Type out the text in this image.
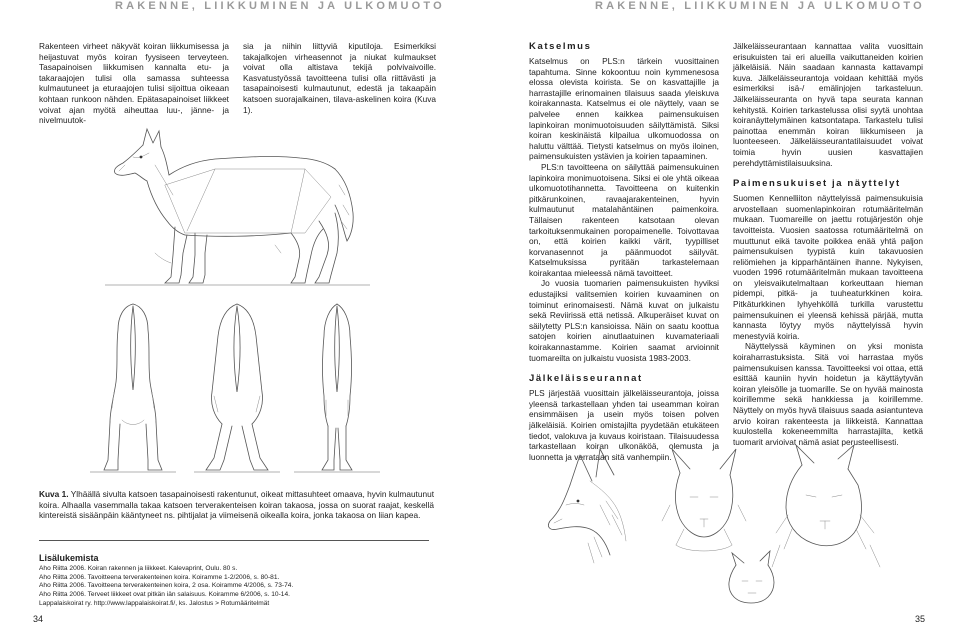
RAKENNE, LIIKKUMINEN JA ULKOMUOTO	RAKENNE, LIIKKUMINEN JA ULKOMUOTO

Rakenteen virheet näkyvät koiran liikkumisessa ja heijastuvat myös koiran fyysiseen terveyteen. Tasapainoisen liikkumisen kannalta etu- ja takaraajojen tulisi olla samassa suhteessa kulmautuneet ja eturaajojen tulisi sijoittua oikeaan kohtaan runkoon nähden. Epätasapainoiset liikkeet voivat ajan myötä aiheuttaa luu-, jänne- ja nivelmuutok-

sia ja niihin liittyviä kiputiloja. Esimerkiksi takajalkojen virheasennot ja niukat kulmaukset voivat olla altistava tekijä polvivaivoille. Kasvatustyössä tavoitteena tulisi olla riittävästi ja tasapainoisesti kulmautunut, edestä ja takaapäin katsoen suorajalkainen, tilava-askelinen koira (Kuva 1).

Katselmus

Katselmus on PLS:n tärkein vuosittainen tapahtuma. Sinne kokoontuu noin kymmenesosa elossa olevista koirista. Se on kasvattajille ja harrastajille erinomainen tilaisuus saada yleiskuva koirakannasta. Katselmus ei ole näyttely, vaan se palvelee ennen kaikkea paimensukuisen lapinkoiran monimuotoisuuden säilyttämistä. Siksi koiran keskinäistä kilpailua ulkomuodossa on haluttu välttää. Tietysti katselmus on myös iloinen, paimensukuisten ystävien ja koirien tapaaminen.

PLS:n tavoitteena on säilyttää paimensukuinen lapinkoira monimuotoisena. Siksi ei ole yhtä oikeaa ulkomuototihannetta. Tavoitteena on kuitenkin pitkärunkoinen, ravaajarakenteinen, hyvin kulmautunut matalahäntäinen paimenkoira. Tällaisen rakenteen katsotaan olevan tarkoituksenmukainen poropaimenelle. Toivottavaa on, että koirien kaikki värit, tyypilliset korvanasennot ja päänmuodot säilyvät. Katselmuksissa pyritään tarkastelemaan koirakantaa mieleessä nämä tavoitteet.

Jo vuosia tuomarien paimensukuisten hyviksi edustajiksi valitsemien koirien kuvaaminen on toiminut erinomaisesti. Nämä kuvat on julkaistu sekä Reviirissä että netissä. Alkuperäiset kuvat on säilytetty PLS:n kansioissa. Näin on saatu koottua satojen koirien ainutlaatuinen kuvamateriaali koirakannastamme. Koirien saamat arvioinnit tuomareilta on julkaistu vuosista 1983-2003.

Jälkeläisseurannat

PLS järjestää vuosittain jälkeläisseurantoja, joissa yleensä tarkastellaan yhden tai useamman koiran ensimmäisen ja usein myös toisen polven jälkeläisiä. Koirien omistajilta pyydetään etukäteen tiedot, valokuva ja kuvaus koiristaan. Tilaisuudessa tarkastellaan koiran ulkonäköä, olemusta ja luonnetta ja verrataan sitä vanhempiin.

Jälkeläisseurantaan kannattaa valita vuosittain erisukuisten tai eri alueilla vaikuttaneiden koirien jälkeläisiä. Näin saadaan kannasta kattavampi kuva. Jälkeläisseurantoja voidaan kehittää myös esimerkiksi isä-/ emälinjojen tarkasteluun. Jälkeläisseuranta on hyvä tapa seurata kannan kehitystä. Koirien tarkastelussa olisi syytä unohtaa koiranäyttelymäinen katsontatapa. Tarkastelu tulisi painottaa enemmän koiran liikkumiseen ja luonteeseen. Jälkeläisseurantatilaisuudet voivat toimia hyvin uusien kasvattajien perehdyttämistilaisuuksina.

Paimensukuiset ja näyttelyt

Suomen Kennelliiton näyttelyissä paimensukuisia arvostellaan suomenlapinkoiran rotumääritelmän mukaan. Tuomareille on jaettu rotujärjestön ohje tavoitteista. Vuosien saatossa rotumääritelmä on muuttunut eikä tavoite poikkea enää yhtä paljon paimensukuisen tyypistä kuin takavuosien reliömiehen ja kipparhäntäinen ihanne. Nykyisen, vuoden 1996 rotumääritelmän mukaan tavoitteena on yleisvaikutelmaltaan korkeuttaan hieman pidempi, pitkä- ja tuuheaturkkinen koira. Pitkäturkkinen lyhyehköllä turkilla varustettu paimensukuinen ei yleensä kehissä pärjää, mutta kannasta löytyy myös näyttelyissä hyvin menestyviä koiria.

Näyttelyssä käyminen on yksi monista koiraharrastuksista. Sitä voi harrastaa myös paimensukuisen kanssa. Tavoitteeksi voi ottaa, että esittää kauniin hyvin hoidetun ja käyttäytyvän koiran yleisölle ja tuomarille. Se on hyvää mainosta koirillemme sekä hankkiessa ja koirillemme. Näyttely on myös hyvä tilaisuus saada asiantunteva arvio koiran rakenteesta ja liikkeistä. Kannattaa kuulostella kokeneemmilta harrastajilta, ketkä tuomarit arvioivat nämä asiat perusteellisesti.

Kuva 1. Ylhäällä sivulta katsoen tasapainoisesti rakentunut, oikeat mittasuhteet omaava, hyvin kulmautunut koira. Alhaalla vasemmalla takaa katsoen terverakenteisen koiran takaosa, jossa on suorat raajat, keskellä kintereistä sisäänpäin kääntyneet ns. pihtijalat ja viimeisenä oikealla koira, jonka takaosa on liian kapea.
Lisälukemista
Aho Riitta 2006. Koiran rakennen ja liikkeet. Kalevaprint, Oulu. 80 s.
Aho Riitta 2006. Tavoitteena terverakenteinen koira. Koiramme 1-2/2006, s. 80-81.
Aho Riitta 2006. Tavoitteena terverakenteinen koira, 2 osa. Koiramme 4/2006, s. 73-74.
Aho Riitta 2006. Terveet liikkeet ovat pitkän iän salaisuus. Koiramme 6/2006, s. 10-14.
Lappalaiskoirat ry. http://www.lappalaiskoirat.fi/, ks. Jalostus > Rotumääritelmät
34	35
